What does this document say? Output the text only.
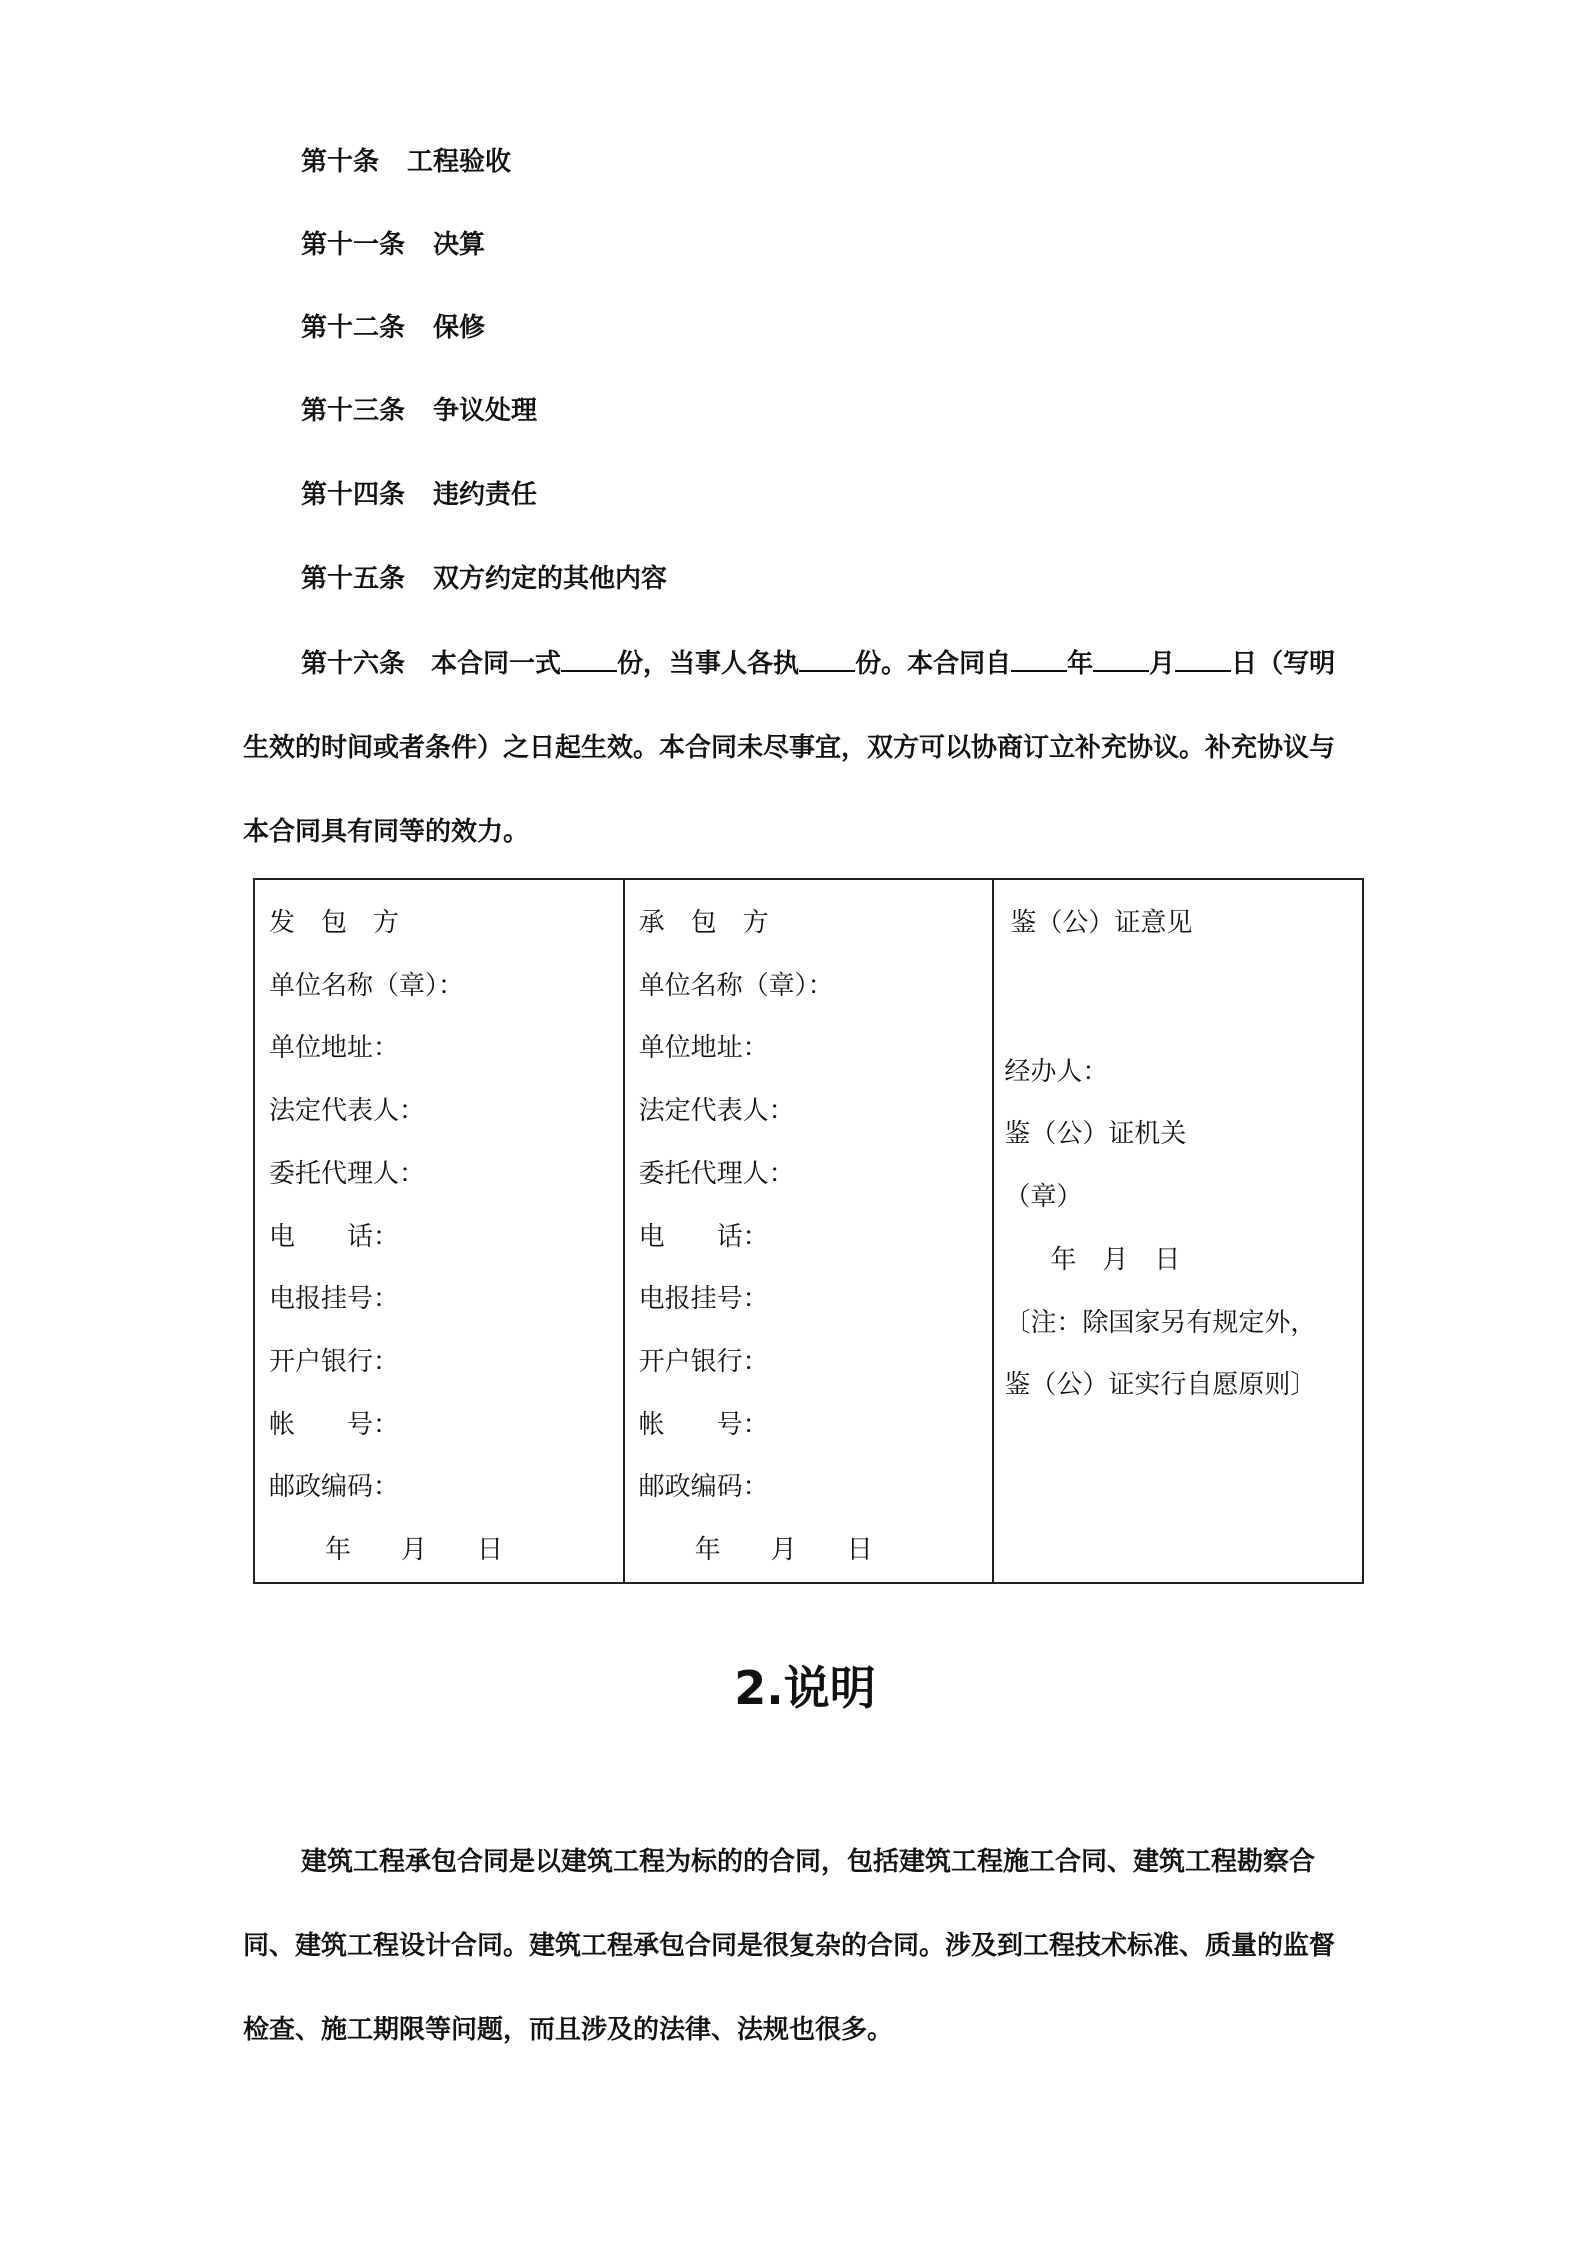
第十条 工程验收
第十一条 决算
第十二条 保修
第十三条 争议处理
第十四条 违约责任
第十五条 双方约定的其他内容

第十六条　 本合同一式 份，当事人各执 份。本合同自 年 月 日（写明生效的时间或者条件）之日起生效。本合同未尽事宜，双方可以协商订立补充协议。补充协议与本合同具有同等的效力。

发　包　方
单位名称（章）：
单位地址：
法定代表人：
委托代理人：
电　　话：
电报挂号：
开户银行：
帐　　号：
邮政编码：
年 月 日

承　包　方
单位名称（章）：
单位地址：
法定代表人：
委托代理人：
电　　话：
电报挂号：
开户银行：
帐　　号：
邮政编码：
年 月 日

鉴（公）证意见
经办人：
鉴（公）证机关
（章）
年　月　日
〔注：除国家另有规定外，
鉴（公）证实行自愿原则〕
2.说明

建筑工程承包合同是以建筑工程为标的的合同，包括建筑工程施工合同、建筑工程勘察合同、建筑工程设计合同。建筑工程承包合同是很复杂的合同。涉及到工程技术标准、质量的监督检查、施工期限等问题，而且涉及的法律、法规也很多。
